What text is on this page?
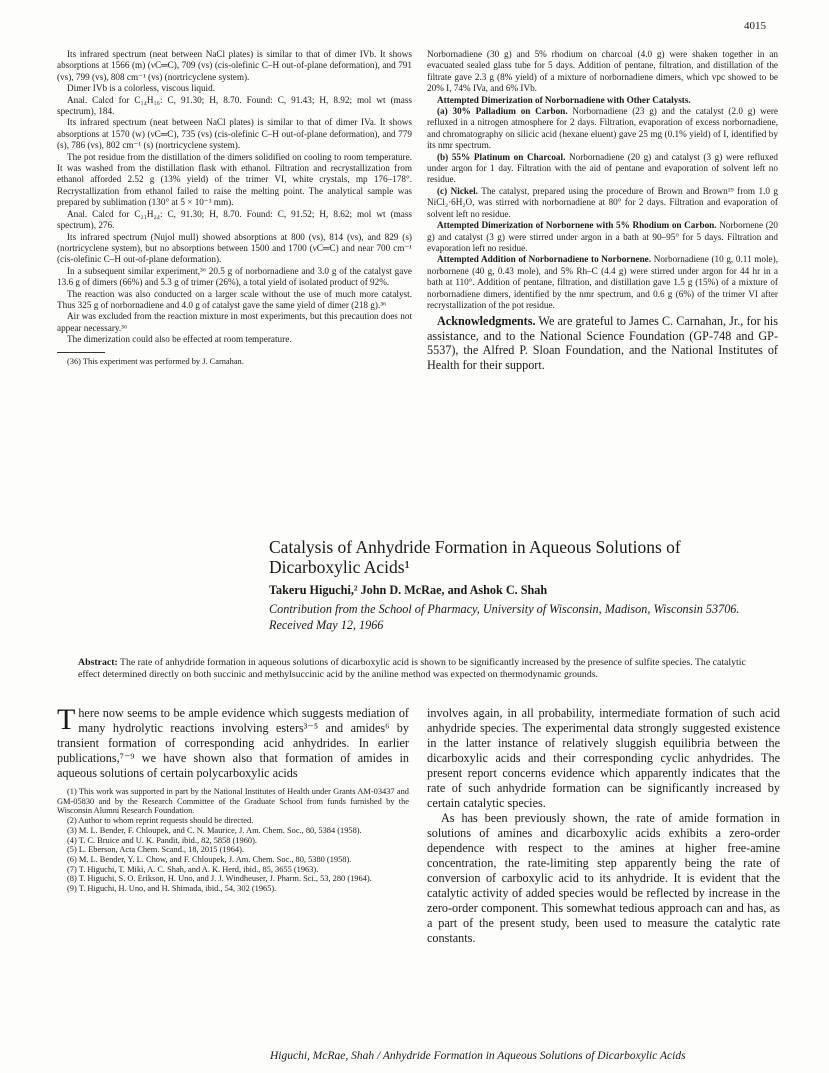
4015

Its infrared spectrum (neat between NaCl plates) is similar to that of dimer IVb. It shows absorptions at 1566 (m) (νC═C), 709 (vs) (cis-olefinic C–H out-of-plane deformation), and 791 (vs), 799 (vs), 808 cm⁻¹ (vs) (nortricyclene system).

Dimer IVb is a colorless, viscous liquid.

Anal. Calcd for C₁₄H₁₆: C, 91.30; H, 8.70. Found: C, 91.43; H, 8.92; mol wt (mass spectrum), 184.

Its infrared spectrum (neat between NaCl plates) is similar to that of dimer IVa. It shows absorptions at 1570 (w) (νC═C), 735 (vs) (cis-olefinic C–H out-of-plane deformation), and 779 (s), 786 (vs), 802 cm⁻¹ (s) (nortricyclene system).

The pot residue from the distillation of the dimers solidified on cooling to room temperature. It was washed from the distillation flask with ethanol. Filtration and recrystallization from ethanol afforded 2.52 g (13% yield) of the trimer VI, white crystals, mp 176–178°. Recrystallization from ethanol failed to raise the melting point. The analytical sample was prepared by sublimation (130° at 5 × 10⁻³ mm).

Anal. Calcd for C₂₁H₂₄: C, 91.30; H, 8.70. Found: C, 91.52; H, 8.62; mol wt (mass spectrum), 276.

Its infrared spectrum (Nujol mull) showed absorptions at 800 (vs), 814 (vs), and 829 (s) (nortricyclene system), but no absorptions between 1500 and 1700 (νC═C) and near 700 cm⁻¹ (cis-olefinic C–H out-of-plane deformation).

In a subsequent similar experiment,³⁶ 20.5 g of norbornadiene and 3.0 g of the catalyst gave 13.6 g of dimers (66%) and 5.3 g of trimer (26%), a total yield of isolated product of 92%.

The reaction was also conducted on a larger scale without the use of much more catalyst. Thus 325 g of norbornadiene and 4.0 g of catalyst gave the same yield of dimer (218 g).³⁶

Air was excluded from the reaction mixture in most experiments, but this precaution does not appear necessary.³⁶

The dimerization could also be effected at room temperature.

(36) This experiment was performed by J. Carnahan.

Norbornadiene (30 g) and 5% rhodium on charcoal (4.0 g) were shaken together in an evacuated sealed glass tube for 5 days. Addition of pentane, filtration, and distillation of the filtrate gave 2.3 g (8% yield) of a mixture of norbornadiene dimers, which vpc showed to be 20% I, 74% IVa, and 6% IVb.

Attempted Dimerization of Norbornadiene with Other Catalysts.

(a) 30% Palladium on Carbon. Norbornadiene (23 g) and the catalyst (2.0 g) were refluxed in a nitrogen atmosphere for 2 days. Filtration, evaporation of excess norbornadiene, and chromatography on silicic acid (hexane eluent) gave 25 mg (0.1% yield) of I, identified by its nmr spectrum.

(b) 55% Platinum on Charcoal. Norbornadiene (20 g) and catalyst (3 g) were refluxed under argon for 1 day. Filtration with the aid of pentane and evaporation of solvent left no residue.

(c) Nickel. The catalyst, prepared using the procedure of Brown and Brown¹⁹ from 1.0 g NiCl₂·6H₂O, was stirred with norbornadiene at 80° for 2 days. Filtration and evaporation of solvent left no residue.

Attempted Dimerization of Norbornene with 5% Rhodium on Carbon. Norbornene (20 g) and catalyst (3 g) were stirred under argon in a bath at 90–95° for 5 days. Filtration and evaporation left no residue.

Attempted Addition of Norbornadiene to Norbornene. Norbornadiene (10 g, 0.11 mole), norbornene (40 g, 0.43 mole), and 5% Rh–C (4.4 g) were stirred under argon for 44 hr in a bath at 110°. Addition of pentane, filtration, and distillation gave 1.5 g (15%) of a mixture of norbornadiene dimers, identified by the nmr spectrum, and 0.6 g (6%) of the trimer VI after recrystallization of the pot residue.

Acknowledgments. We are grateful to James C. Carnahan, Jr., for his assistance, and to the National Science Foundation (GP-748 and GP-5537), the Alfred P. Sloan Foundation, and the National Institutes of Health for their support.
Catalysis of Anhydride Formation in Aqueous Solutions of Dicarboxylic Acids¹
Takeru Higuchi,² John D. McRae, and Ashok C. Shah
Contribution from the School of Pharmacy, University of Wisconsin, Madison, Wisconsin 53706. Received May 12, 1966
Abstract: The rate of anhydride formation in aqueous solutions of dicarboxylic acid is shown to be significantly increased by the presence of sulfite species. The catalytic effect determined directly on both succinic and methylsuccinic acid by the aniline method was expected on thermodynamic grounds.
There now seems to be ample evidence which suggests mediation of many hydrolytic reactions involving esters³⁻⁵ and amides⁶ by transient formation of corresponding acid anhydrides. In earlier publications,⁷⁻⁹ we have shown also that formation of amides in aqueous solutions of certain polycarboxylic acids
(1) This work was supported in part by the National Institutes of Health under Grants AM-03437 and GM-05830 and by the Research Committee of the Graduate School from funds furnished by the Wisconsin Alumni Research Foundation.
(2) Author to whom reprint requests should be directed.
(3) M. L. Bender, F. Chloupek, and C. N. Maurice, J. Am. Chem. Soc., 80, 5384 (1958).
(4) T. C. Bruice and U. K. Pandit, ibid., 82, 5858 (1960).
(5) L. Eberson, Acta Chem. Scand., 18, 2015 (1964).
(6) M. L. Bender, Y. L. Chow, and F. Chloupek, J. Am. Chem. Soc., 80, 5380 (1958).
(7) T. Higuchi, T. Miki, A. C. Shah, and A. K. Herd, ibid., 85, 3655 (1963).
(8) T. Higuchi, S. O. Erikson, H. Uno, and J. J. Windheuser, J. Pharm. Sci., 53, 280 (1964).
(9) T. Higuchi, H. Uno, and H. Shimada, ibid., 54, 302 (1965).

involves again, in all probability, intermediate formation of such acid anhydride species. The experimental data strongly suggested existence in the latter instance of relatively sluggish equilibria between the dicarboxylic acids and their corresponding cyclic anhydrides. The present report concerns evidence which apparently indicates that the rate of such anhydride formation can be significantly increased by certain catalytic species.

As has been previously shown, the rate of amide formation in solutions of amines and dicarboxylic acids exhibits a zero-order dependence with respect to the amines at higher free-amine concentration, the rate-limiting step apparently being the rate of conversion of carboxylic acid to its anhydride. It is evident that the catalytic activity of added species would be reflected by increase in the zero-order component. This somewhat tedious approach can and has, as a part of the present study, been used to measure the catalytic rate constants.

Higuchi, McRae, Shah / Anhydride Formation in Aqueous Solutions of Dicarboxylic Acids
